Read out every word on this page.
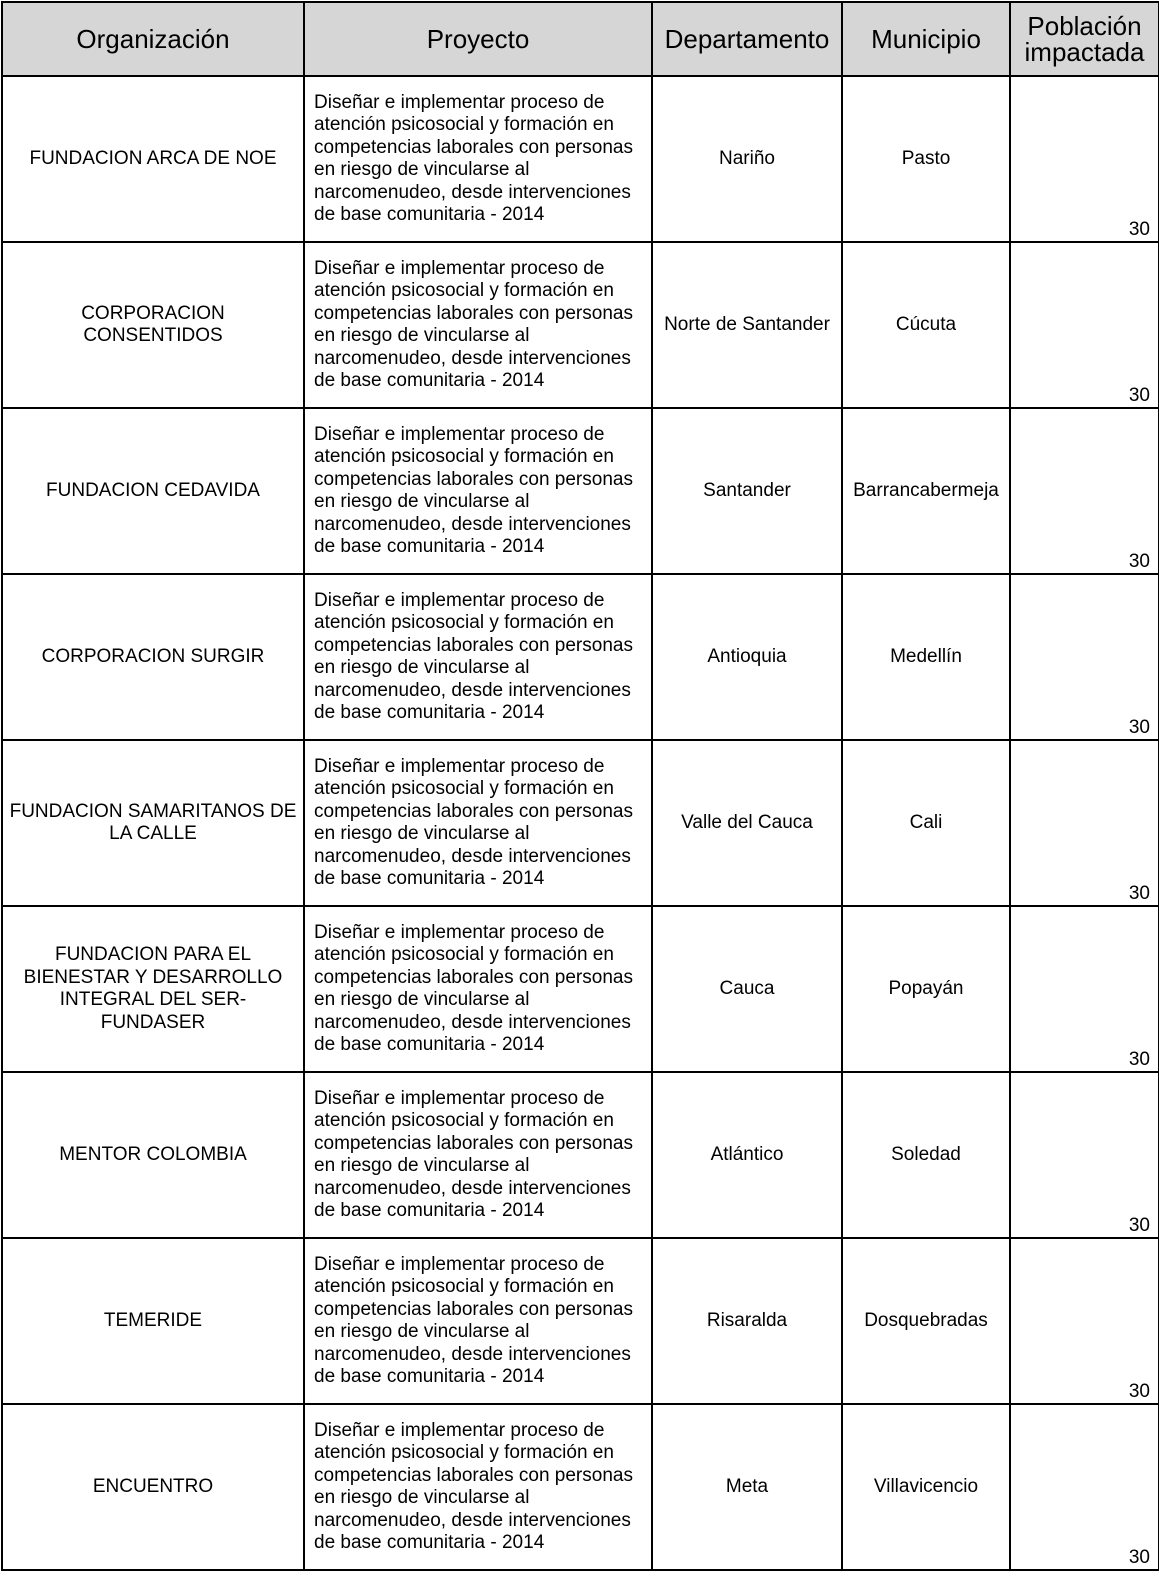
Organización	Proyecto	Departamento	Municipio	Población impactada
FUNDACION ARCA DE NOE	Diseñar e implementar proceso de atención psicosocial y formación en competencias laborales con personas en riesgo de vincularse al narcomenudeo, desde intervenciones de base comunitaria - 2014	Nariño	Pasto	30

CORPORACION CONSENTIDOS	Diseñar e implementar proceso de atención psicosocial y formación en competencias laborales con personas en riesgo de vincularse al narcomenudeo, desde intervenciones de base comunitaria - 2014	Norte de Santander	Cúcuta	30

FUNDACION CEDAVIDA	Diseñar e implementar proceso de atención psicosocial y formación en competencias laborales con personas en riesgo de vincularse al narcomenudeo, desde intervenciones de base comunitaria - 2014	Santander	Barrancabermeja	30

CORPORACION SURGIR	Diseñar e implementar proceso de atención psicosocial y formación en competencias laborales con personas en riesgo de vincularse al narcomenudeo, desde intervenciones de base comunitaria - 2014	Antioquia	Medellín	30

FUNDACION SAMARITANOS DE LA CALLE	Diseñar e implementar proceso de atención psicosocial y formación en competencias laborales con personas en riesgo de vincularse al narcomenudeo, desde intervenciones de base comunitaria - 2014	Valle del Cauca	Cali	30

FUNDACION PARA EL BIENESTAR Y DESARROLLO INTEGRAL DEL SER-FUNDASER	Diseñar e implementar proceso de atención psicosocial y formación en competencias laborales con personas en riesgo de vincularse al narcomenudeo, desde intervenciones de base comunitaria - 2014	Cauca	Popayán	30

MENTOR COLOMBIA	Diseñar e implementar proceso de atención psicosocial y formación en competencias laborales con personas en riesgo de vincularse al narcomenudeo, desde intervenciones de base comunitaria - 2014	Atlántico	Soledad	30

TEMERIDE	Diseñar e implementar proceso de atención psicosocial y formación en competencias laborales con personas en riesgo de vincularse al narcomenudeo, desde intervenciones de base comunitaria - 2014	Risaralda	Dosquebradas	30

ENCUENTRO	Diseñar e implementar proceso de atención psicosocial y formación en competencias laborales con personas en riesgo de vincularse al narcomenudeo, desde intervenciones de base comunitaria - 2014	Meta	Villavicencio	30
